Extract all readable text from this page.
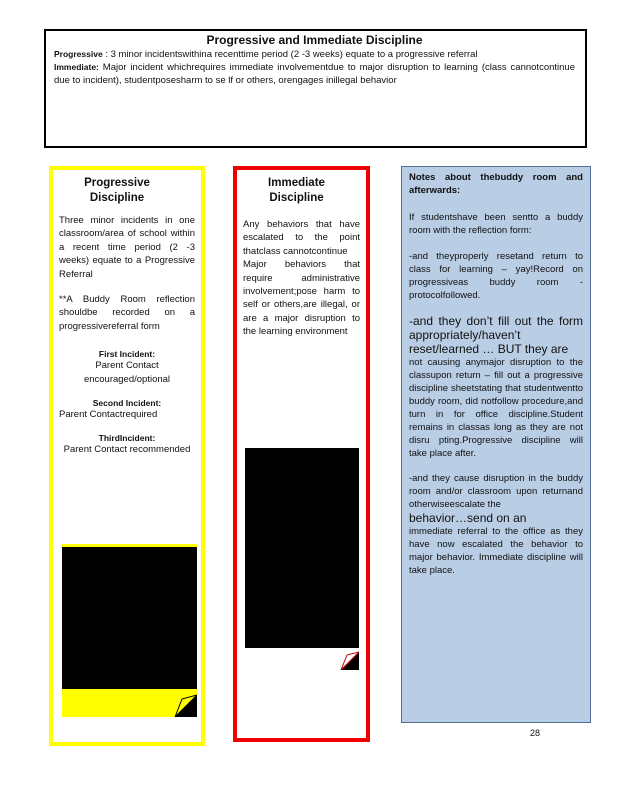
Progressive and Immediate Discipline

Progressive : 3 minor incidentswithina recenttime period (2 -3 weeks) equate to a progressive referral

Immediate: Major incident whichrequires immediate involvementdue to major disruption to learning (class cannotcontinue due to incident), studentposesharm to se lf or others, orengages inillegal behavior

Progressive

Discipline

Three minor incidents in one classroom/area of school within a recent time period (2 -3 weeks) equate to a Progressive Referral

**A Buddy Room reflection shouldbe recorded on a progressivereferral form

First Incident:

Parent Contact encouraged/optional

Second Incident:

Parent Contactrequired

ThirdIncident:

Parent Contact recommended

Immediate

Discipline

Any behaviors that have escalated to the point thatclass cannotcontinue

Major behaviors that require administrative involvement;pose harm to self or others,are illegal, or are a major disruption to the learning environment

Notes about thebuddy room and afterwards:

If studentshave been sentto a buddy room with the reflection form:

-and theyproperly resetand return to class for learning – yay!Record on progressiveas buddy room - protocolfollowed.

-and they don’t fill out the form appropriately/haven’t reset/learned … BUT they are

not causing anymajor disruption to the classupon return – fill out a progressive discipline sheetstating that studentwentto buddy room, did notfollow procedure,and turn in for office discipline.Student remains in classas long as they are not disru pting.Progressive discipline will take place after.

-and they cause disruption in the buddy room and/or classroom upon returnand otherwiseescalate the

behavior…send on an

immediate referral to the office as they have now escalated the behavior to major behavior. Immediate discipline will take place.

28
